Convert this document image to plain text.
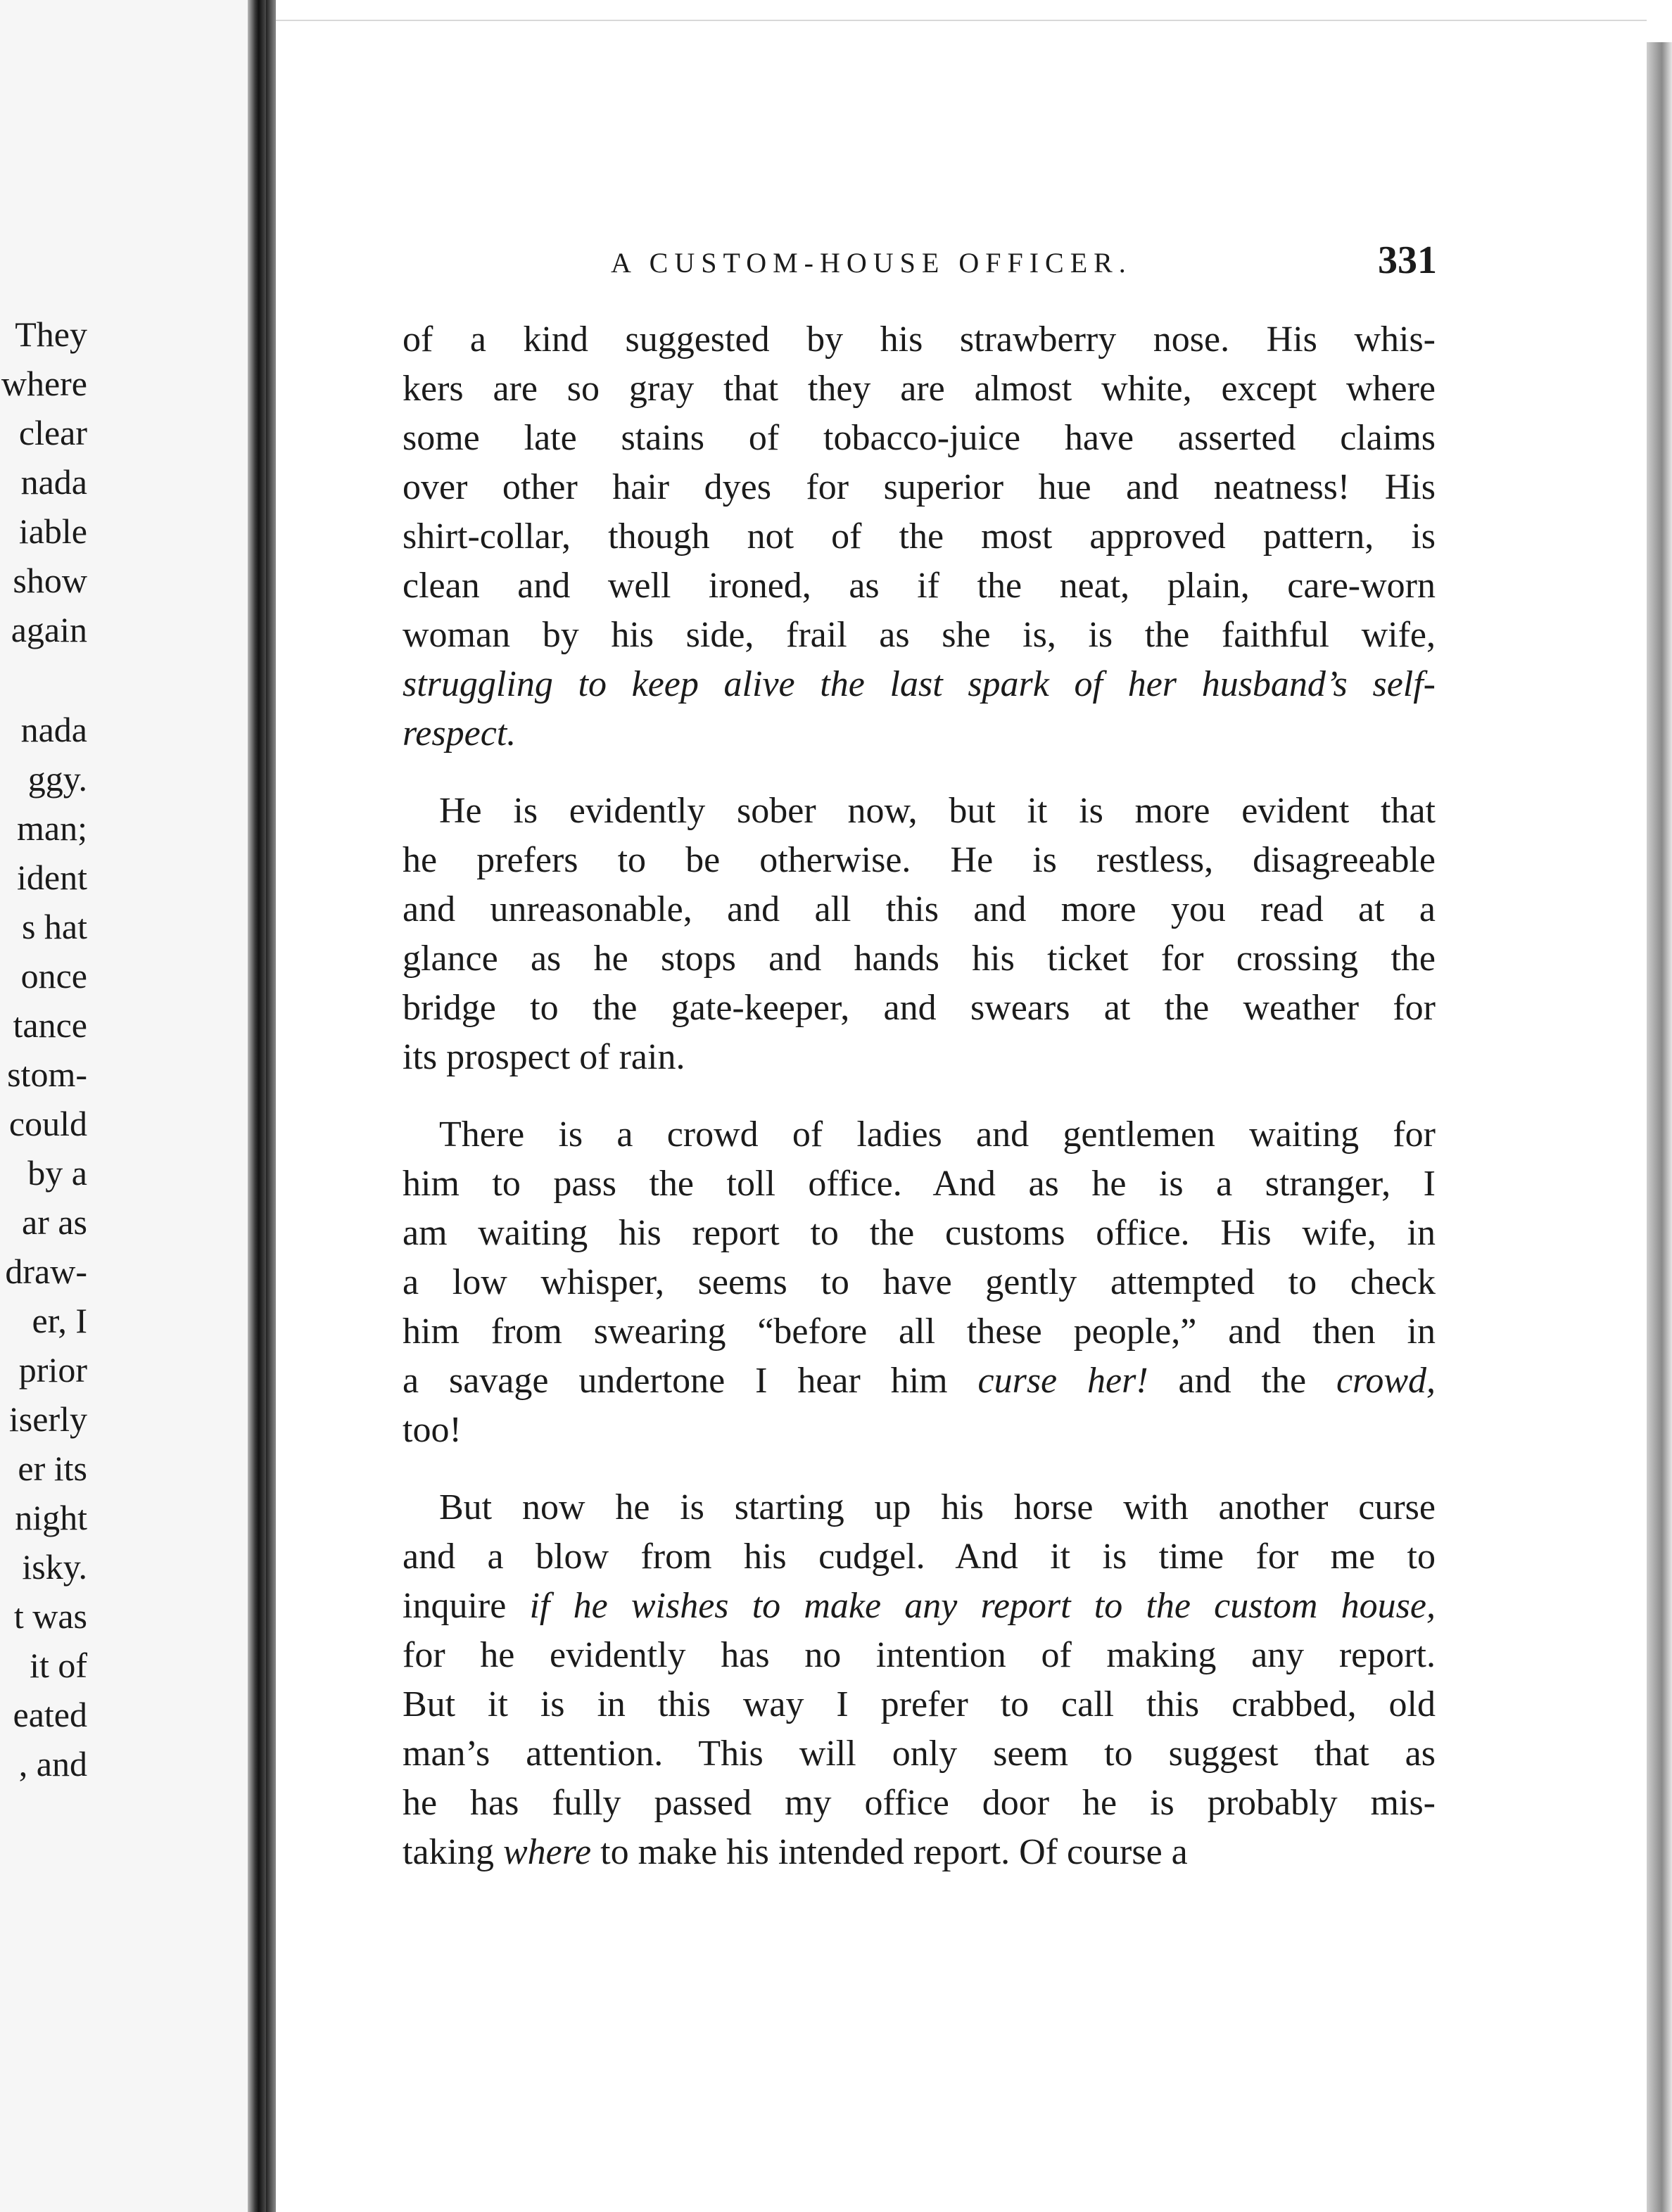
They
where
clear
nada
iable
show
again
nada
ggy.
man;
ident
s hat
once
tance
stom-
could
by a
ar as
draw-
er, I
prior
iserly
er its
night
isky.
t was
it of
eated
, and
A CUSTOM-HOUSE OFFICER.	331
of a kind suggested by his strawberry nose. His whis-
kers are so gray that they are almost white, except where
some late stains of tobacco-juice have asserted claims
over other hair dyes for superior hue and neatness! His
shirt-collar, though not of the most approved pattern, is
clean and well ironed, as if the neat, plain, care-worn
woman by his side, frail as she is, is the faithful wife,
struggling to keep alive the last spark of her husband’s self-
respect.
He is evidently sober now, but it is more evident that
he prefers to be otherwise. He is restless, disagreeable
and unreasonable, and all this and more you read at a
glance as he stops and hands his ticket for crossing the
bridge to the gate-keeper, and swears at the weather for
its prospect of rain.
There is a crowd of ladies and gentlemen waiting for
him to pass the toll office. And as he is a stranger, I
am waiting his report to the customs office. His wife, in
a low whisper, seems to have gently attempted to check
him from swearing “before all these people,” and then in
a savage undertone I hear him curse her! and the crowd,
too!
But now he is starting up his horse with another curse
and a blow from his cudgel. And it is time for me to
inquire if he wishes to make any report to the custom house,
for he evidently has no intention of making any report.
But it is in this way I prefer to call this crabbed, old
man’s attention. This will only seem to suggest that as
he has fully passed my office door he is probably mis-
taking where to make his intended report. Of course a
